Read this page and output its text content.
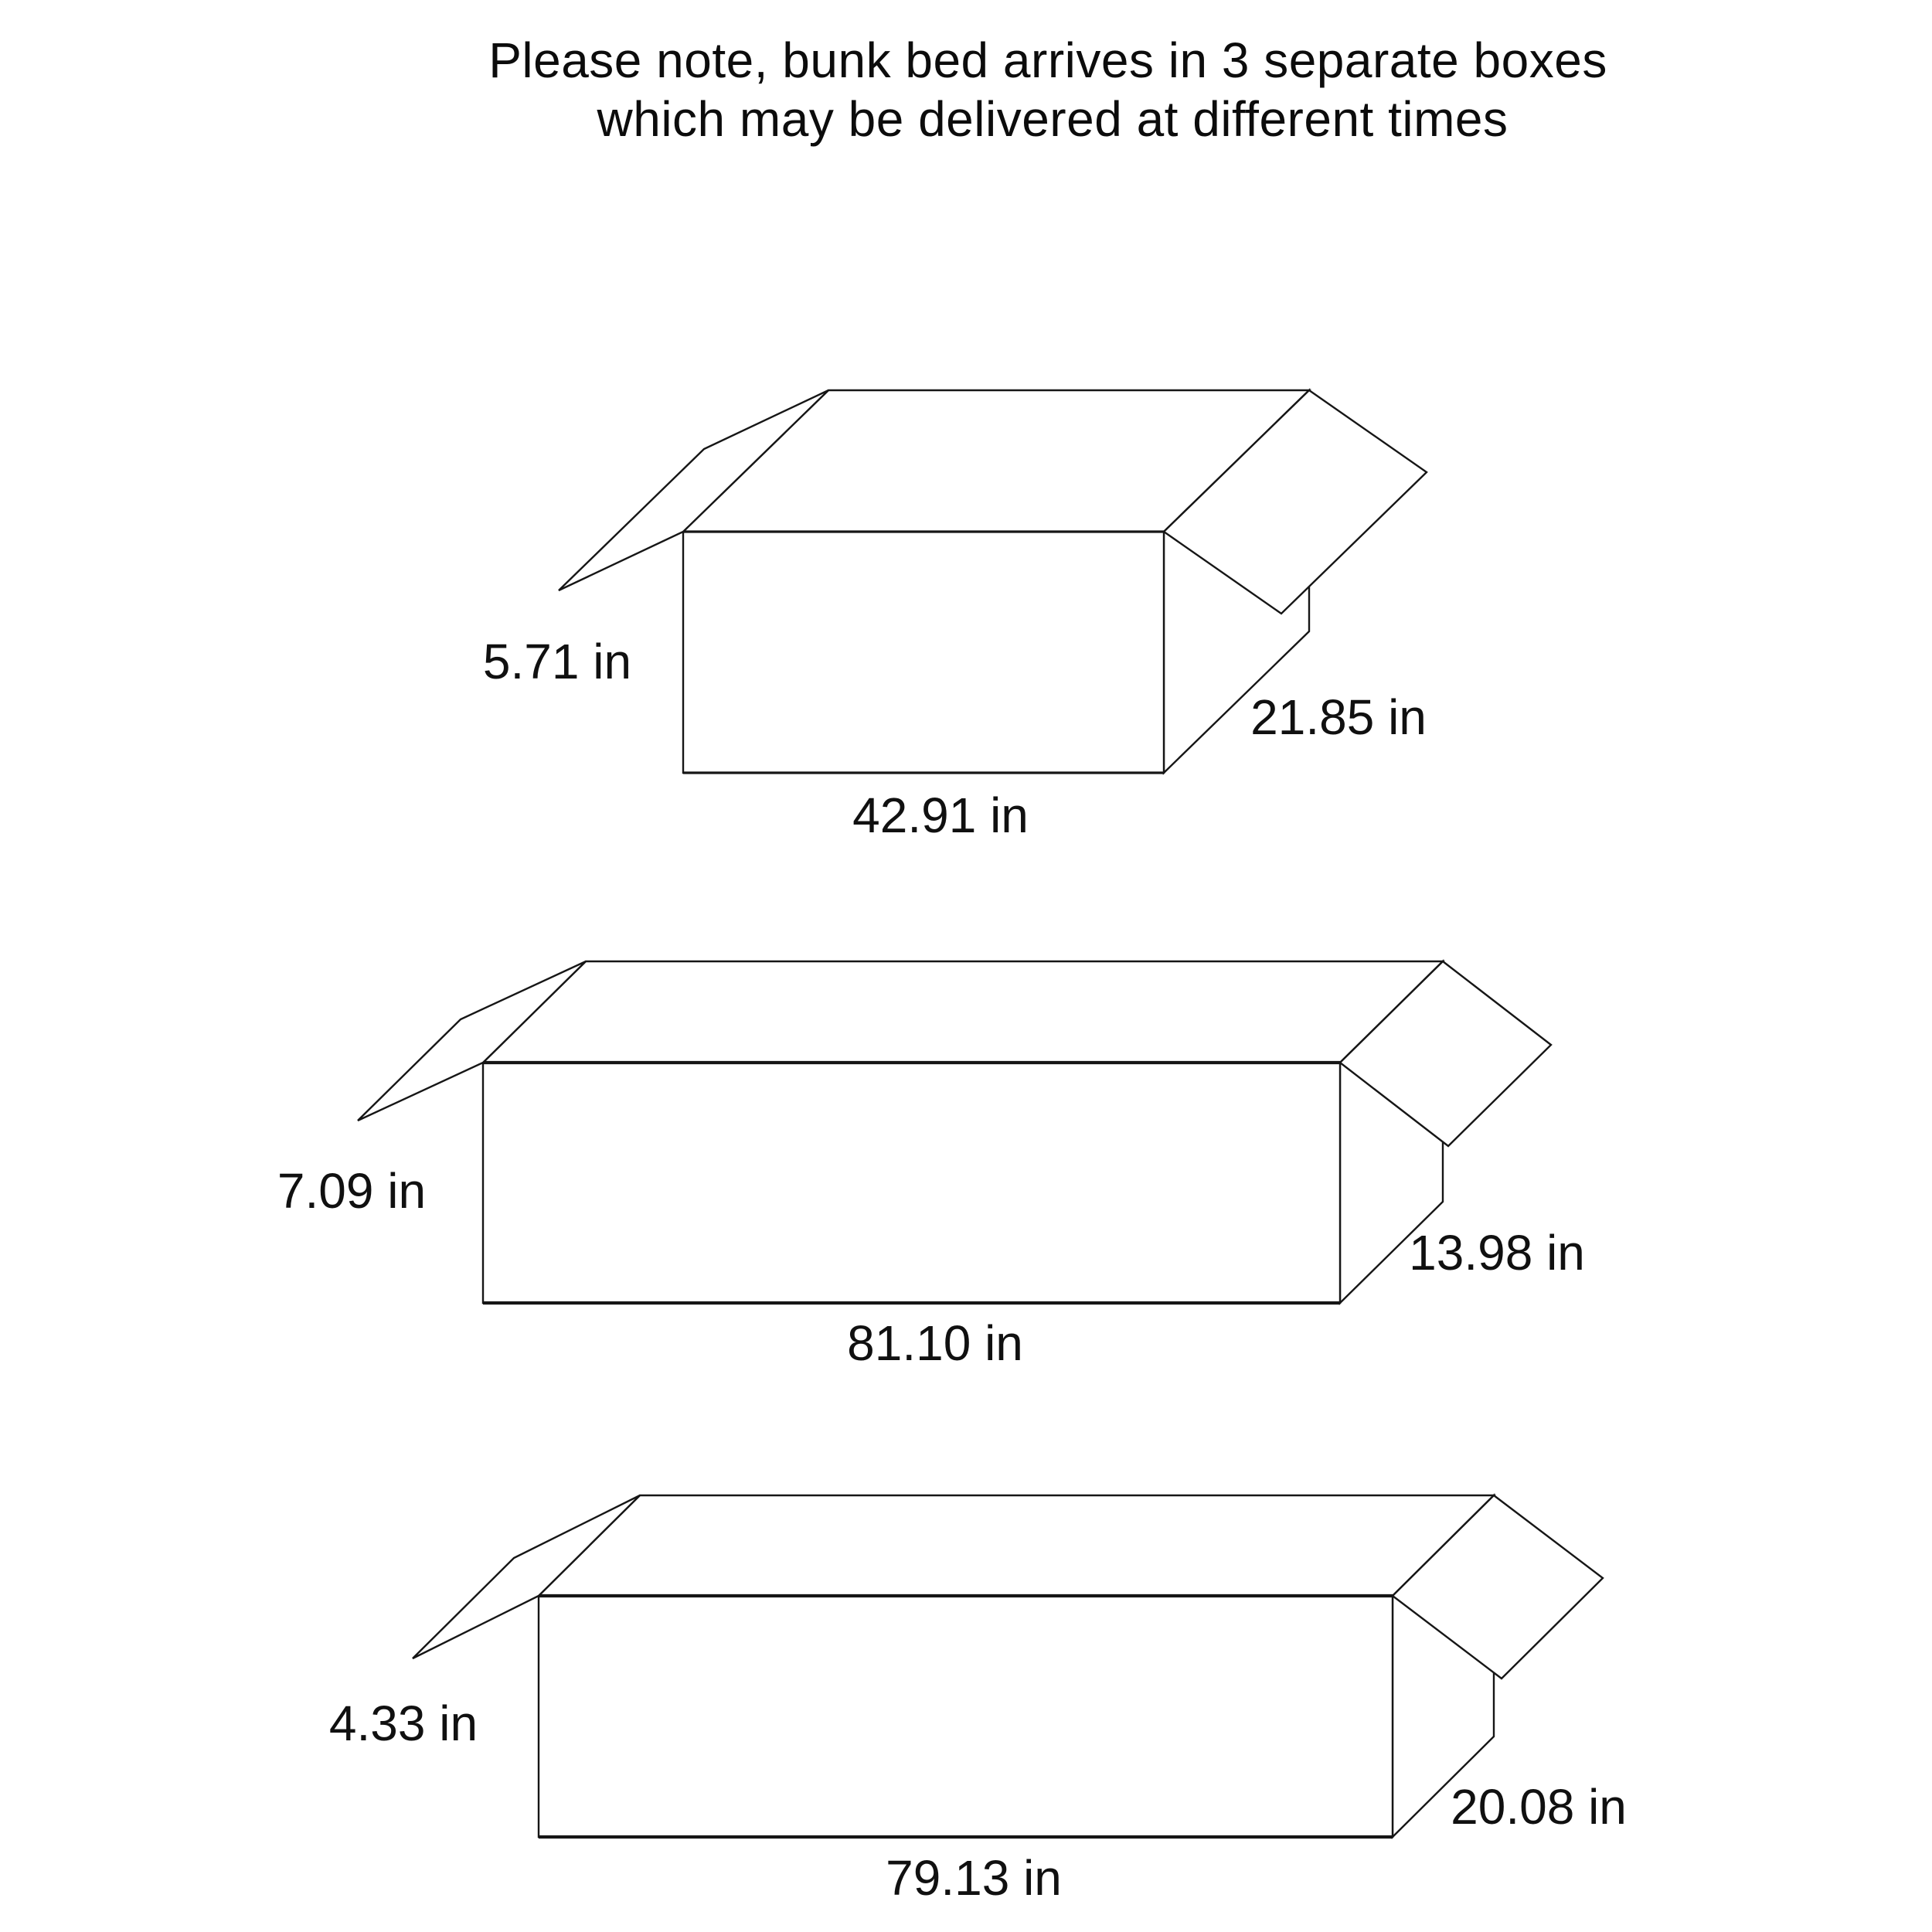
Please note, bunk bed arrives in 3 separate boxes
which may be delivered at different times
5.71 in
21.85 in
42.91 in
7.09 in
13.98 in
81.10 in
4.33 in
20.08 in
79.13 in
